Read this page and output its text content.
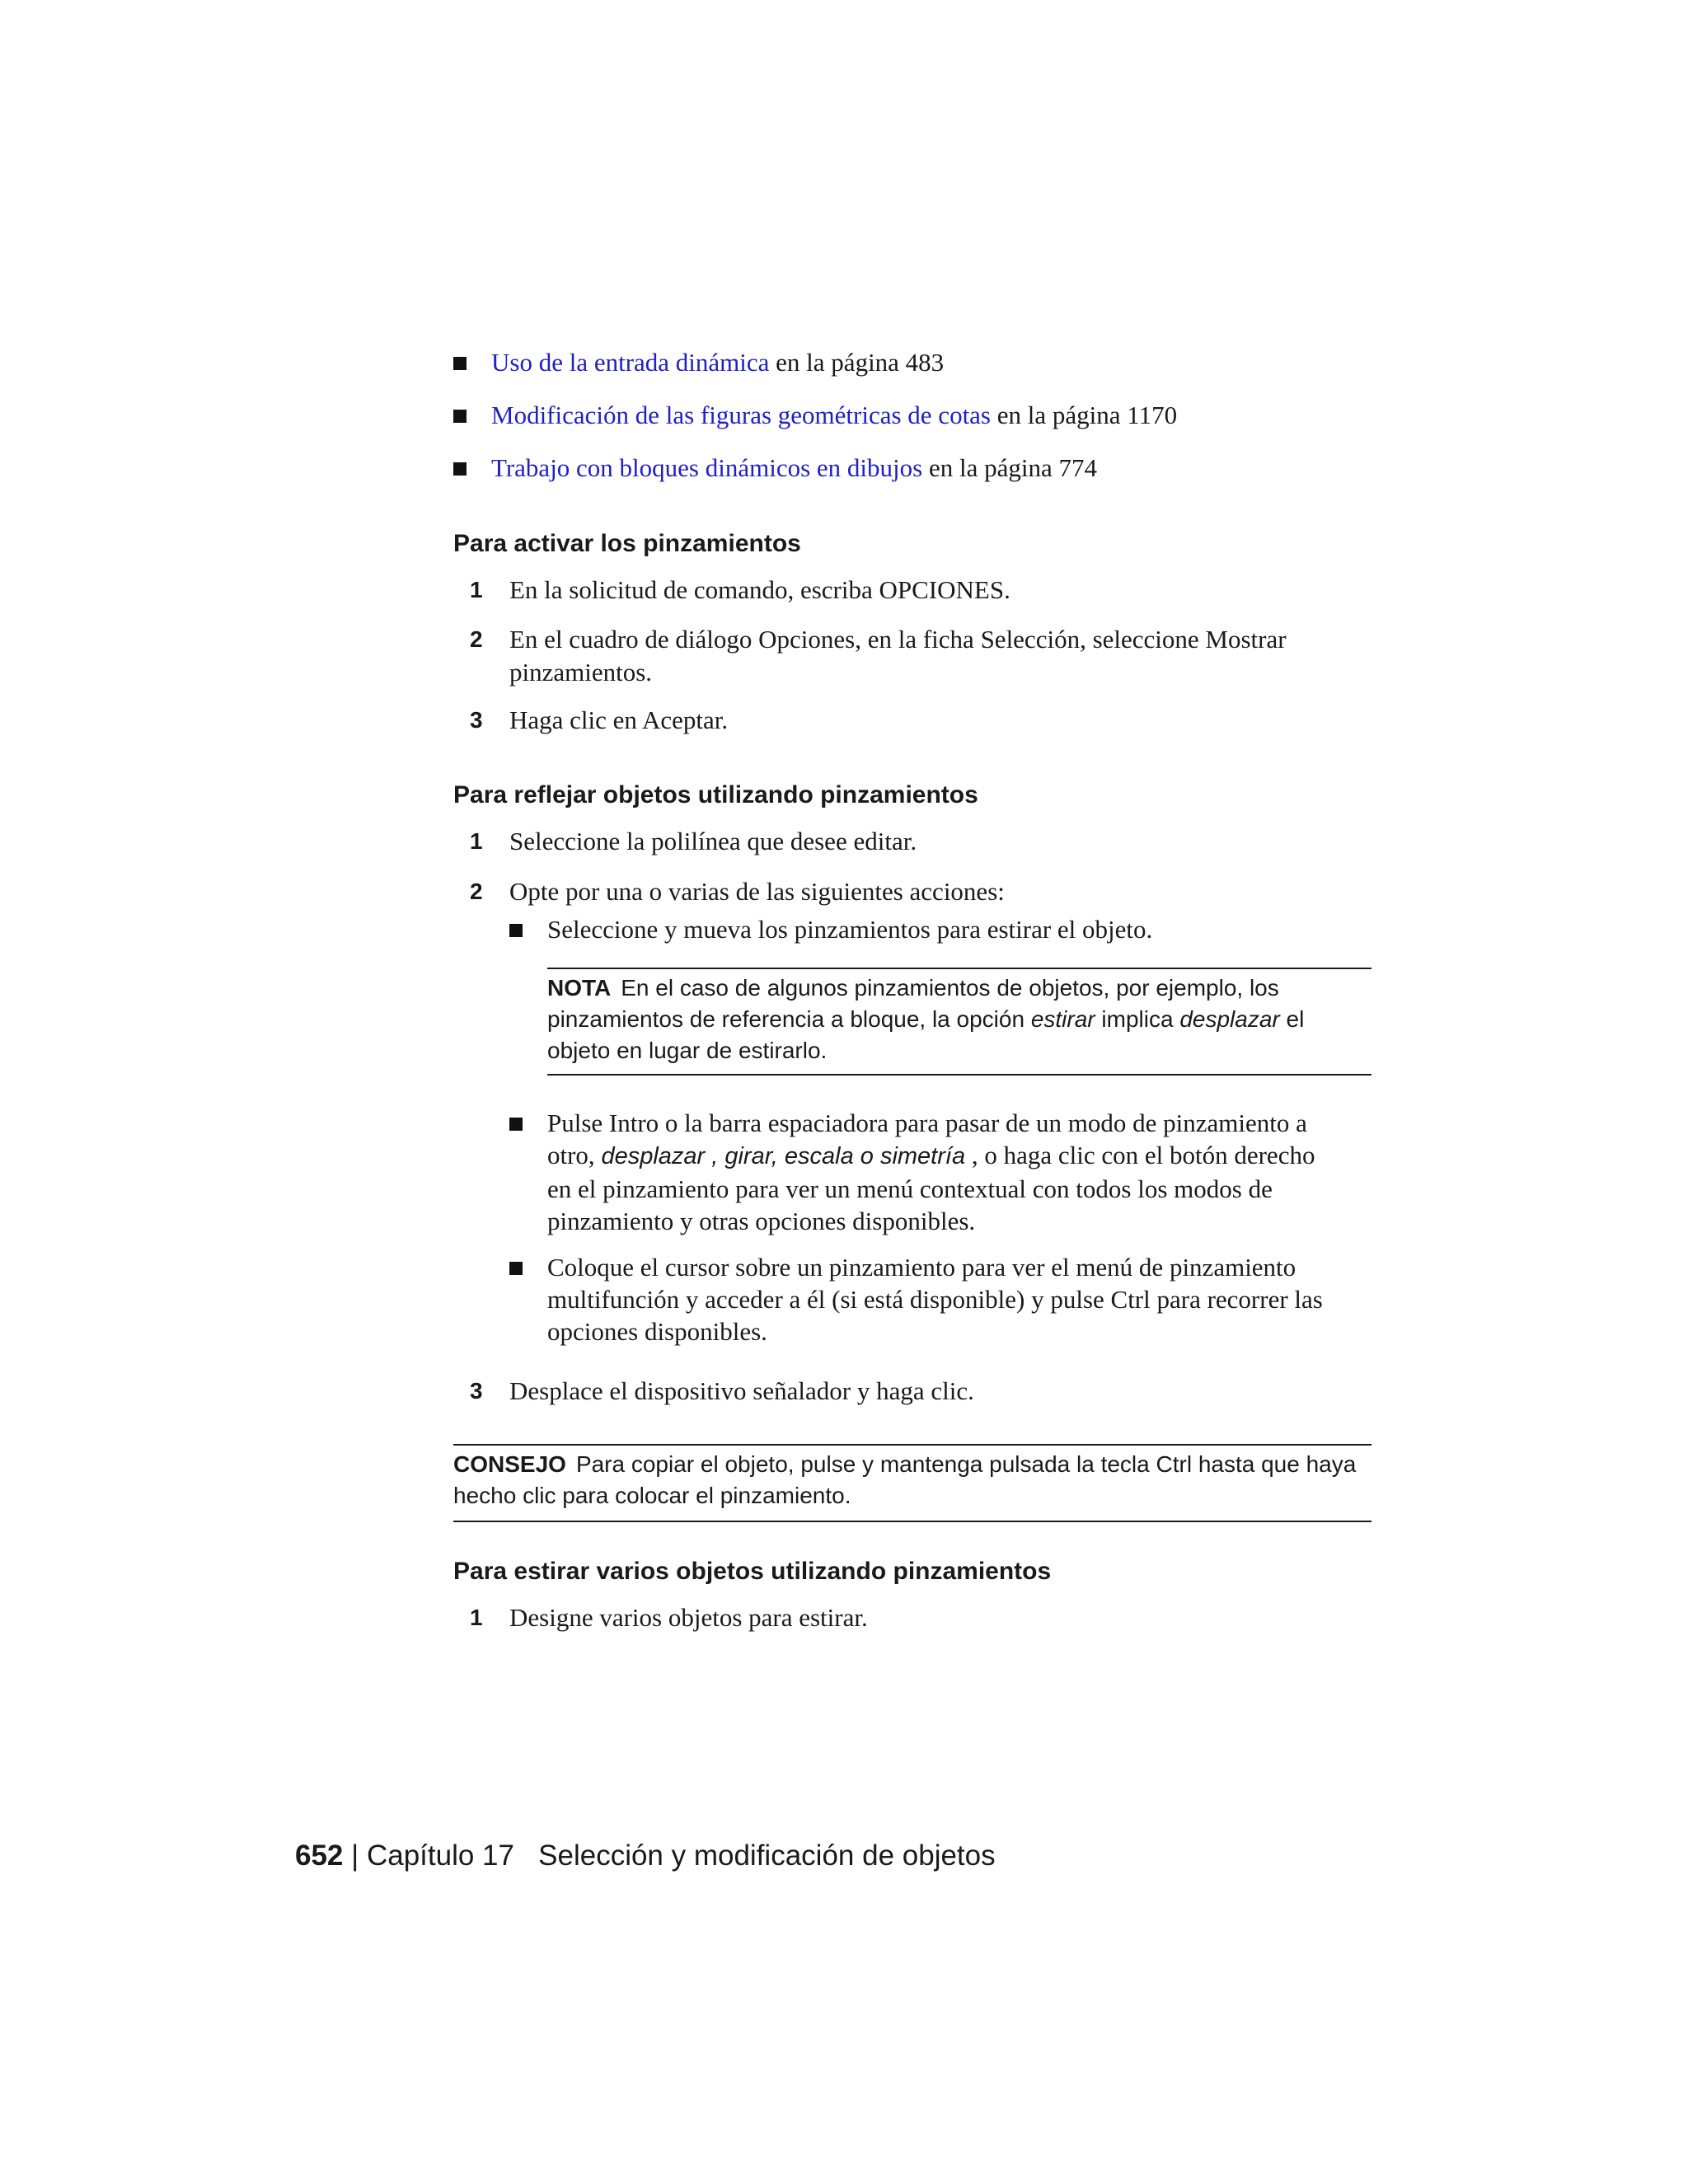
Uso de la entrada dinámica en la página 483
Modificación de las figuras geométricas de cotas en la página 1170
Trabajo con bloques dinámicos en dibujos en la página 774
Para activar los pinzamientos
1 En la solicitud de comando, escriba OPCIONES.
2 En el cuadro de diálogo Opciones, en la ficha Selección, seleccione Mostrar pinzamientos.
3 Haga clic en Aceptar.
Para reflejar objetos utilizando pinzamientos
1 Seleccione la polilínea que desee editar.
2 Opte por una o varias de las siguientes acciones:
Seleccione y mueva los pinzamientos para estirar el objeto.
NOTA En el caso de algunos pinzamientos de objetos, por ejemplo, los pinzamientos de referencia a bloque, la opción estirar implica desplazar el objeto en lugar de estirarlo.
Pulse Intro o la barra espaciadora para pasar de un modo de pinzamiento a otro, desplazar , girar, escala o simetría , o haga clic con el botón derecho en el pinzamiento para ver un menú contextual con todos los modos de pinzamiento y otras opciones disponibles.
Coloque el cursor sobre un pinzamiento para ver el menú de pinzamiento multifunción y acceder a él (si está disponible) y pulse Ctrl para recorrer las opciones disponibles.
3 Desplace el dispositivo señalador y haga clic.
CONSEJO Para copiar el objeto, pulse y mantenga pulsada la tecla Ctrl hasta que haya hecho clic para colocar el pinzamiento.
Para estirar varios objetos utilizando pinzamientos
1 Designe varios objetos para estirar.
652 | Capítulo 17   Selección y modificación de objetos
